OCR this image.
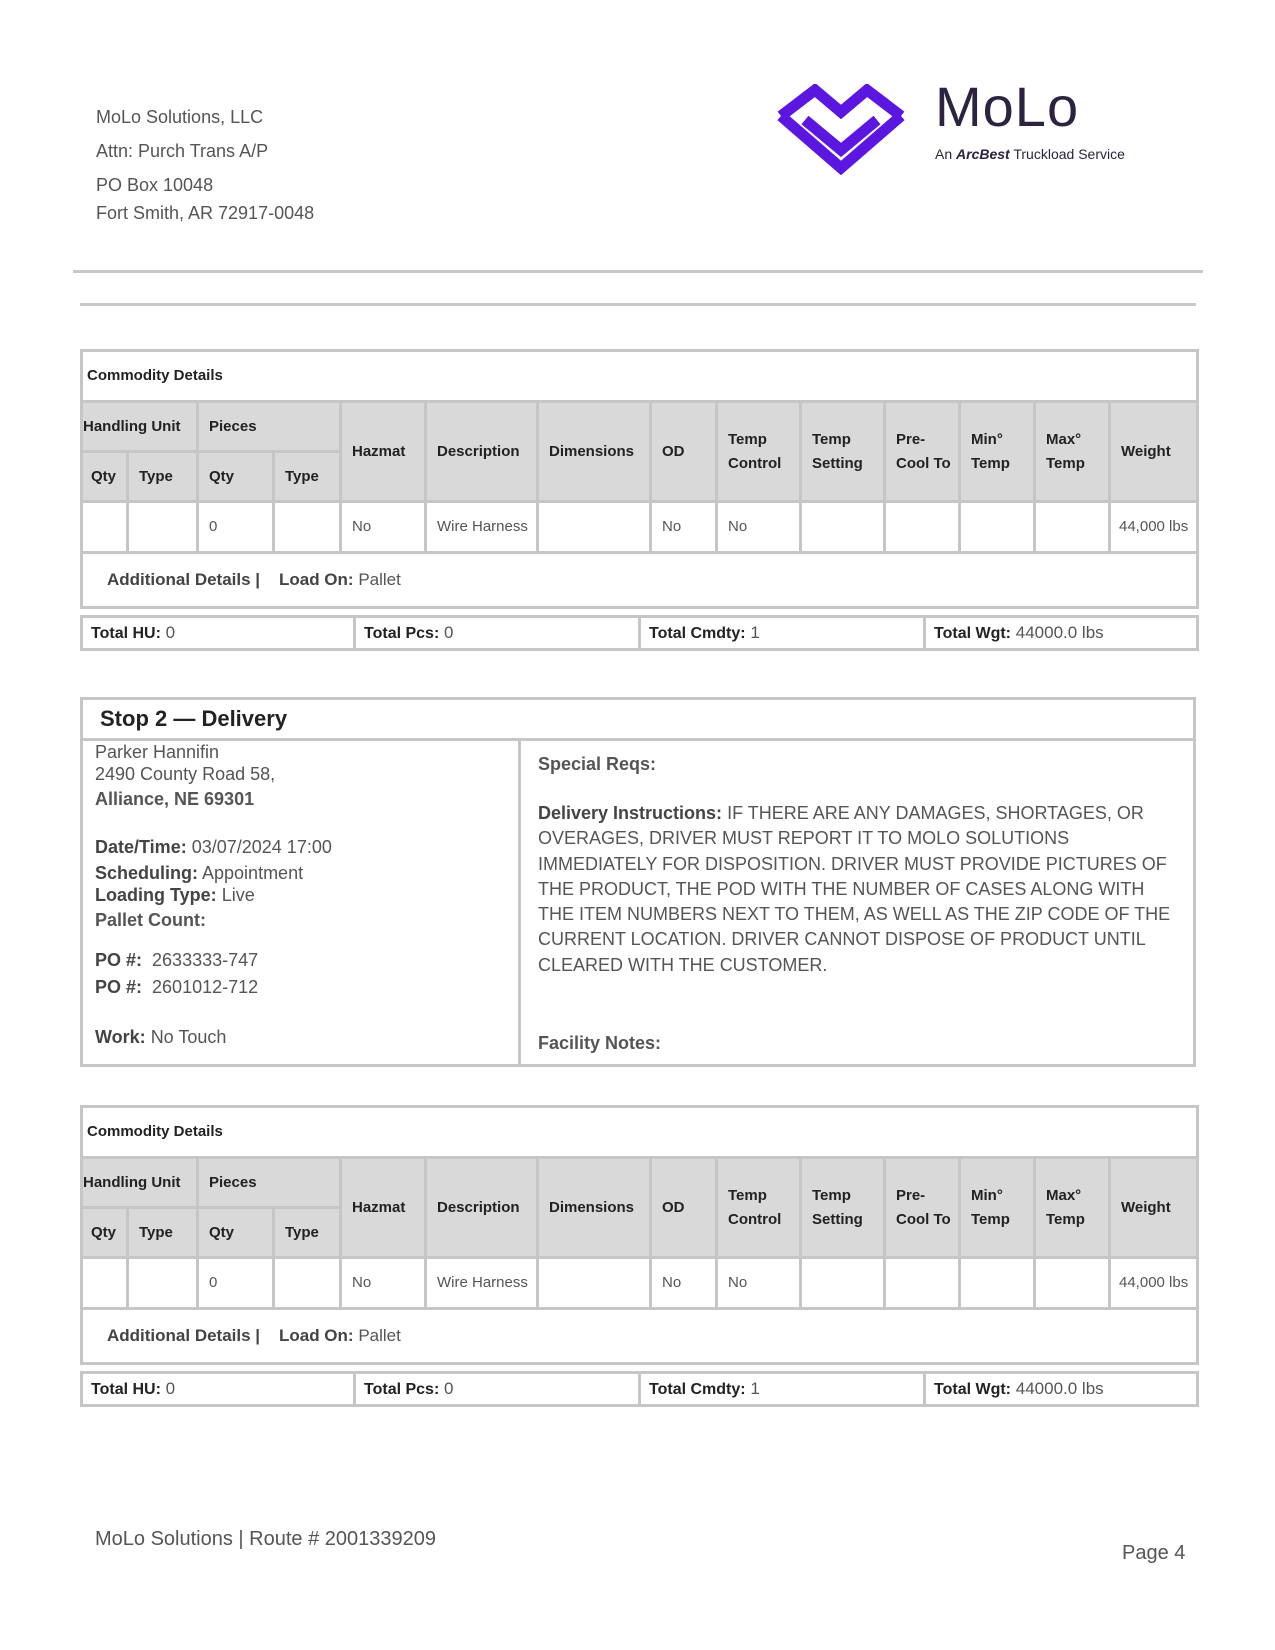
MoLo Solutions, LLC
Attn: Purch Trans A/P
PO Box 10048
Fort Smith, AR 72917-0048
MoLo
An ArcBest Truckload Service
Commodity Details													
Handling Unit		Pieces		Hazmat	Description	Dimensions	OD	Temp Control	Temp Setting	Pre-Cool To	Min° Temp	Max° Temp	Weight
Qty	Type	Qty	Type										
		0		No	Wire Harness		No	No					44,000 lbs
Additional Details | Load On: Pallet													
Total HU: 0	Total Pcs: 0	Total Cmdty: 1	Total Wgt: 44000.0 lbs
Stop 2 — Delivery
Parker Hannifin
2490 County Road 58,
Alliance, NE 69301
Date/Time: 03/07/2024 17:00
Scheduling: Appointment
Loading Type: Live
Pallet Count:
PO #: 2633333-747
PO #: 2601012-712
Work: No Touch
Special Reqs:
Delivery Instructions: IF THERE ARE ANY DAMAGES, SHORTAGES, OR OVERAGES, DRIVER MUST REPORT IT TO MOLO SOLUTIONS IMMEDIATELY FOR DISPOSITION. DRIVER MUST PROVIDE PICTURES OF THE PRODUCT, THE POD WITH THE NUMBER OF CASES ALONG WITH THE ITEM NUMBERS NEXT TO THEM, AS WELL AS THE ZIP CODE OF THE CURRENT LOCATION. DRIVER CANNOT DISPOSE OF PRODUCT UNTIL CLEARED WITH THE CUSTOMER.
Facility Notes:
Commodity Details													
Handling Unit		Pieces		Hazmat	Description	Dimensions	OD	Temp Control	Temp Setting	Pre-Cool To	Min° Temp	Max° Temp	Weight
Qty	Type	Qty	Type										
		0		No	Wire Harness		No	No					44,000 lbs
Additional Details | Load On: Pallet													
Total HU: 0	Total Pcs: 0	Total Cmdty: 1	Total Wgt: 44000.0 lbs
MoLo Solutions | Route # 2001339209
Page 4
